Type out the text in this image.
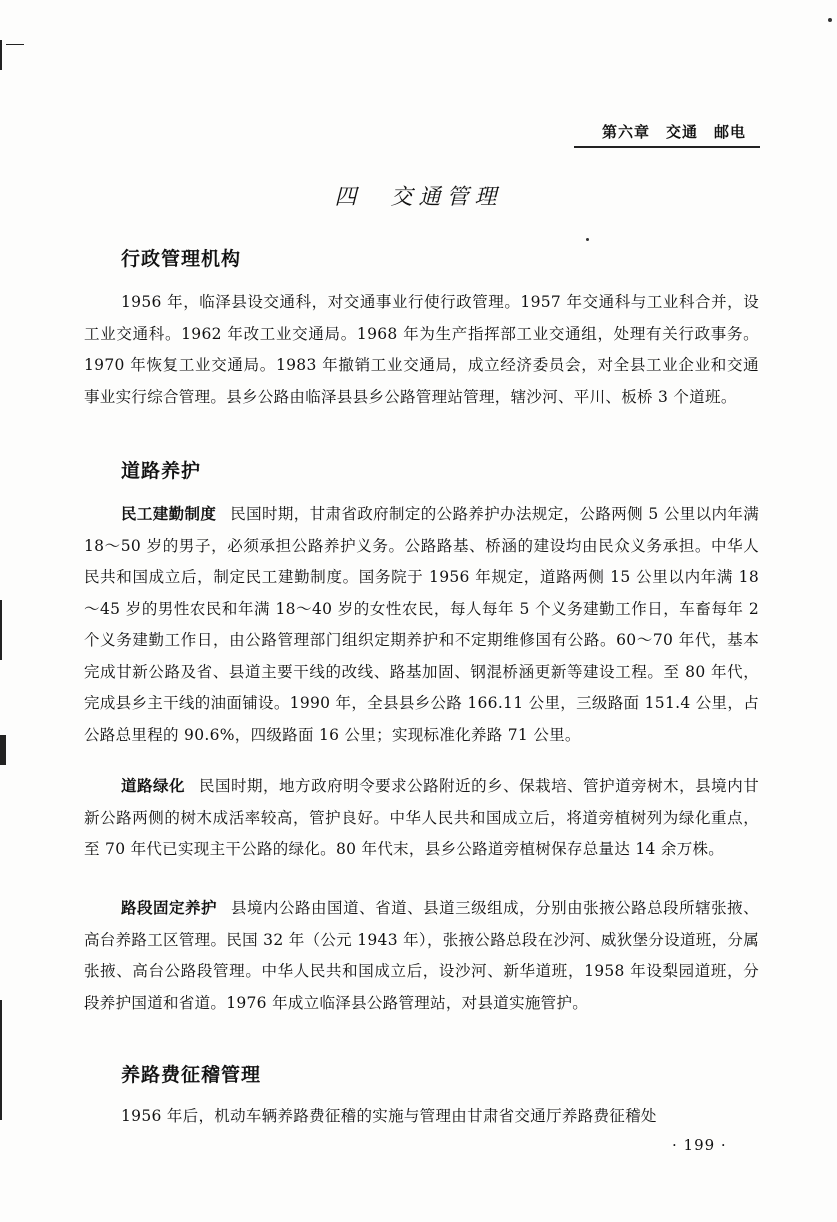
第六章　交通　邮电
四 交通管理
行政管理机构
1956 年，临泽县设交通科，对交通事业行使行政管理。1957 年交通科与工业科合并，设工业交通科。1962 年改工业交通局。1968 年为生产指挥部工业交通组，处理有关行政事务。1970 年恢复工业交通局。1983 年撤销工业交通局，成立经济委员会，对全县工业企业和交通事业实行综合管理。县乡公路由临泽县县乡公路管理站管理，辖沙河、平川、板桥 3 个道班。
道路养护
民工建勤制度 民国时期，甘肃省政府制定的公路养护办法规定，公路两侧 5 公里以内年满 18～50 岁的男子，必须承担公路养护义务。公路路基、桥涵的建设均由民众义务承担。中华人民共和国成立后，制定民工建勤制度。国务院于 1956 年规定，道路两侧 15 公里以内年满 18～45 岁的男性农民和年满 18～40 岁的女性农民，每人每年 5 个义务建勤工作日，车畜每年 2 个义务建勤工作日，由公路管理部门组织定期养护和不定期维修国有公路。60～70 年代，基本完成甘新公路及省、县道主要干线的改线、路基加固、钢混桥涵更新等建设工程。至 80 年代，完成县乡主干线的油面铺设。1990 年，全县县乡公路 166.11 公里，三级路面 151.4 公里，占公路总里程的 90.6%，四级路面 16 公里；实现标准化养路 71 公里。
道路绿化 民国时期，地方政府明令要求公路附近的乡、保栽培、管护道旁树木，县境内甘新公路两侧的树木成活率较高，管护良好。中华人民共和国成立后，将道旁植树列为绿化重点，至 70 年代已实现主干公路的绿化。80 年代末，县乡公路道旁植树保存总量达 14 余万株。
路段固定养护 县境内公路由国道、省道、县道三级组成，分别由张掖公路总段所辖张掖、高台养路工区管理。民国 32 年（公元 1943 年），张掖公路总段在沙河、威狄堡分设道班，分属张掖、高台公路段管理。中华人民共和国成立后，设沙河、新华道班，1958 年设梨园道班，分段养护国道和省道。1976 年成立临泽县公路管理站，对县道实施管护。
养路费征稽管理
1956 年后，机动车辆养路费征稽的实施与管理由甘肃省交通厅养路费征稽处
· 199 ·
